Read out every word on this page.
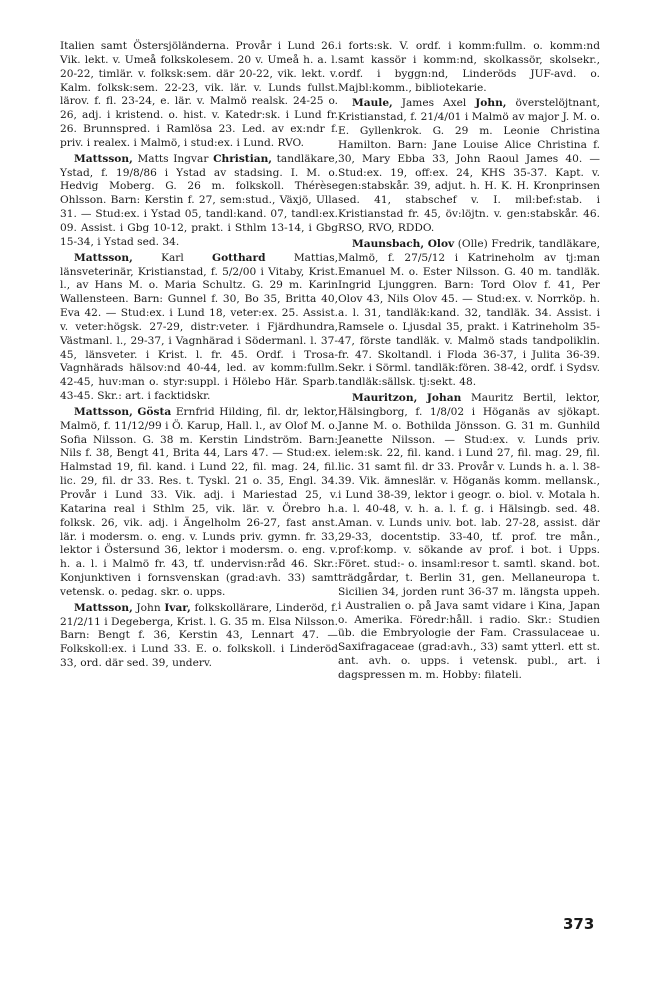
Italien samt Östersjöländerna. Provår i Lund 26. Vik. lekt. v. Umeå folkskolesem. 20 v. Umeå h. a. l. 20-22, timlär. v. folksk:sem. där 20-22, vik. lekt. v. Kalm. folksk:sem. 22-23, vik. lär. v. Lunds fullst. lärov. f. fl. 23-24, e. lär. v. Malmö realsk. 24-25 o. 26, adj. i kristend. o. hist. v. Katedr:sk. i Lund fr. 26. Brunnspred. i Ramlösa 23. Led. av ex:ndr f. priv. i realex. i Malmö, i stud:ex. i Lund. RVO.

Mattsson, Matts Ingvar Christian, tandläkare, Ystad, f. 19/8/86 i Ystad av stadsing. I. M. o. Hedvig Moberg. G. 26 m. folkskoll. Thérèse Ohlsson. Barn: Kerstin f. 27, sem:stud., Växjö, Ulla 31. — Stud:ex. i Ystad 05, tandl:kand. 07, tandl:ex. 09. Assist. i Gbg 10-12, prakt. i Sthlm 13-14, i Gbg 15-34, i Ystad sed. 34.

Mattsson,	Karl	Gotthard	Mattias, länsveterinär, Kristianstad, f. 5/2/00 i Vitaby, Krist. l., av Hans M. o. Maria Schultz. G. 29 m. Karin Wallensteen. Barn: Gunnel f. 30, Bo 35, Britta 40, Eva 42. — Stud:ex. i Lund 18, veter:ex. 25. Assist. v. veter:högsk. 27-29, distr:veter. i Fjärdhundra, Västmanl. l., 29-37, i Vagnhärad i Södermanl. l. 37-45, länsveter. i Krist. l. fr. 45. Ordf. i Trosa-Vagnhärads hälsov:nd 40-44, led. av komm:fullm. 42-45, huv:man o. styr:suppl. i Hölebo Här. Sparb. 43-45. Skr.: art. i facktidskr.

Mattsson, Gösta Ernfrid Hilding, fil. dr, lektor, Malmö, f. 11/12/99 i Ö. Karup, Hall. l., av Olof M. o. Sofia Nilsson. G. 38 m. Kerstin Lindström. Barn: Nils f. 38, Bengt 41, Brita 44, Lars 47. — Stud:ex. i Halmstad 19, fil. kand. i Lund 22, fil. mag. 24, fil. lic. 29, fil. dr 33. Res. t. Tyskl. 21 o. 35, Engl. 34. Provår i Lund 33. Vik. adj. i Mariestad 25, v. Katarina real i Sthlm 25, vik. lär. v. Örebro h. folksk. 26, vik. adj. i Ängelholm 26-27, fast anst. lär. i modersm. o. eng. v. Lunds priv. gymn. fr. 33, lektor i Östersund 36, lektor i modersm. o. eng. v. h. a. l. i Malmö fr. 43, tf. undervisn:råd 46. Skr.: Konjunktiven i fornsvenskan (grad:avh. 33) samt vetensk. o. pedag. skr. o. upps.

Mattsson, John Ivar, folkskollärare, Linderöd, f. 21/2/11 i Degeberga, Krist. l. G. 35 m. Elsa Nilsson. Barn: Bengt f. 36, Kerstin 43, Lennart 47. — Folkskoll:ex. i Lund 33. E. o. folkskoll. i Linderöd 33, ord. där sed. 39, underv.

i forts:sk. V. ordf. i komm:fullm. o. komm:nd samt kassör i komm:nd, skolkassör, skolsekr., ordf. i byggn:nd, Linderöds JUF-avd. o. Majbl:komm., bibliotekarie.

Maule, James Axel John, överstelöjtnant, Kristianstad, f. 21/4/01 i Malmö av major J. M. o. E. Gyllenkrok. G. 29 m. Leonie Christina Hamilton. Barn: Jane Louise Alice Christina f. 30, Mary Ebba 33, John Raoul James 40. — Stud:ex. 19, off:ex. 24, KHS 35-37. Kapt. v. gen:stabskår. 39, adjut. h. H. K. H. Kronprinsen sed. 41, stabschef v. I. mil:bef:stab. i Kristianstad fr. 45, öv:löjtn. v. gen:stabskår. 46. RSO, RVO, RDDO.

Maunsbach, Olov (Olle) Fredrik, tandläkare, Malmö, f. 27/5/12 i Katrineholm av tj:man Emanuel M. o. Ester Nilsson. G. 40 m. tandläk. Ingrid Ljunggren. Barn: Tord Olov f. 41, Per Olov 43, Nils Olov 45. — Stud:ex. v. Norrköp. h. a. l. 31, tandläk:kand. 32, tandläk. 34. Assist. i Ramsele o. Ljusdal 35, prakt. i Katrineholm 35-47, förste tandläk. v. Malmö stads tandpoliklin. fr. 47. Skoltandl. i Floda 36-37, i Julita 36-39. Sekr. i Sörml. tandläk:fören. 38-42, ordf. i Sydsv. tandläk:sällsk. tj:sekt. 48.

Mauritzon, Johan Mauritz Bertil, lektor, Hälsingborg, f. 1/8/02 i Höganäs av sjökapt. Janne M. o. Bothilda Jönsson. G. 31 m. Gunhild Jeanette Nilsson. — Stud:ex. v. Lunds priv. elem:sk. 22, fil. kand. i Lund 27, fil. mag. 29, fil. lic. 31 samt fil. dr 33. Provår v. Lunds h. a. l. 38-39. Vik. ämneslär. v. Höganäs komm. mellansk., i Lund 38-39, lektor i geogr. o. biol. v. Motala h. a. l. 40-48, v. h. a. l. f. g. i Hälsingb. sed. 48. Aman. v. Lunds univ. bot. lab. 27-28, assist. där 29-33, docentstip. 33-40, tf. prof. tre mån., prof:komp. v. sökande av prof. i bot. i Upps. Föret. stud:- o. insaml:resor t. samtl. skand. bot. trädgårdar, t. Berlin 31, gen. Mellaneuropa t. Sicilien 34, jorden runt 36-37 m. längsta uppeh. i Australien o. på Java samt vidare i Kina, Japan o. Amerika. Föredr:håll. i radio. Skr.: Studien üb. die Embryologie der Fam. Crassulaceae u. Saxifragaceae (grad:avh., 33) samt ytterl. ett st. ant. avh. o. upps. i vetensk. publ., art. i dagspressen m. m. Hobby: filateli.

373
